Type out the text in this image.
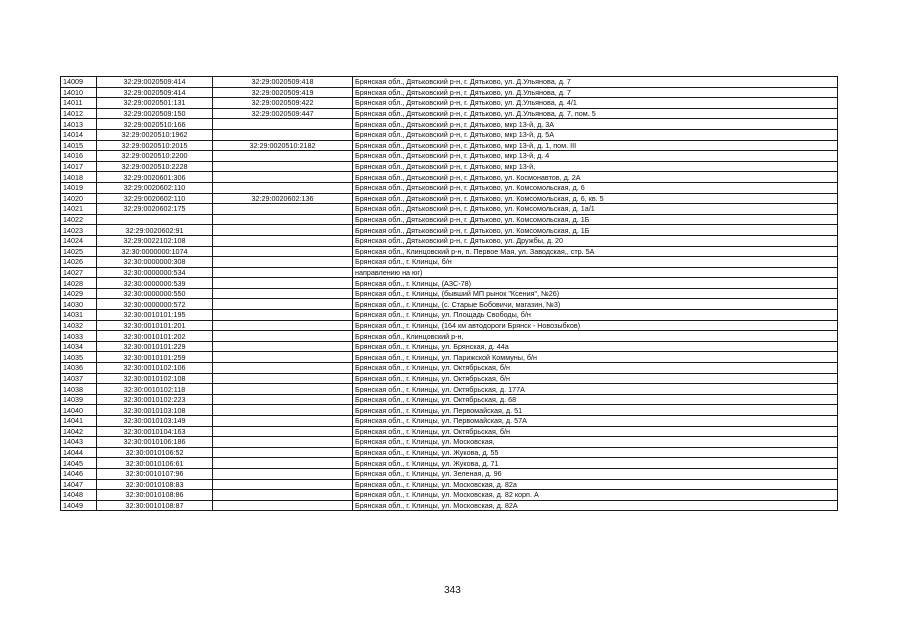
14009	32:29:0020509:414	32:29:0020509:418	Брянская обл., Дятьковский р-н, г. Дятьково, ул. Д.Ульянова, д. 7
14010	32:29:0020509:414	32:29:0020509:419	Брянская обл., Дятьковский р-н, г. Дятьково, ул. Д.Ульянова, д. 7
14011	32:29:0020501:131	32:29:0020509:422	Брянская обл., Дятьковский р-н, г. Дятьково, ул. Д.Ульянова, д. 4/1
14012	32:29:0020509:150	32:29:0020509:447	Брянская обл., Дятьковский р-н, г. Дятьково, ул. Д.Ульянова, д. 7, пом. 5
14013	32:29:0020510:166		Брянская обл., Дятьковский р-н, г. Дятьково, мкр 13-й, д. 3А
14014	32:29:0020510:1962		Брянская обл., Дятьковский р-н, г. Дятьково, мкр 13-й, д. 5А
14015	32:29:0020510:2015	32:29:0020510:2182	Брянская обл., Дятьковский р-н, г. Дятьково, мкр 13-й, д. 1, пом. III
14016	32:29:0020510:2200		Брянская обл., Дятьковский р-н, г. Дятьково, мкр 13-й, д. 4
14017	32:29:0020510:2228		Брянская обл., Дятьковский р-н, г. Дятьково, мкр 13-й,
14018	32:29:0020601:306		Брянская обл., Дятьковский р-н, г. Дятьково, ул. Космонавтов, д. 2А
14019	32:29:0020602:110		Брянская обл., Дятьковский р-н, г. Дятьково, ул. Комсомольская, д. 6
14020	32:29:0020602:110	32:29:0020602:136	Брянская обл., Дятьковский р-н, г. Дятьково, ул. Комсомольская, д. 6, кв. 5
14021	32:29:0020602:175		Брянская обл., Дятьковский р-н, г. Дятьково, ул. Комсомольская, д. 1а/1
14022			Брянская обл., Дятьковский р-н, г. Дятьково, ул. Комсомольская, д. 1Б
14023	32:29:0020602:91		Брянская обл., Дятьковский р-н, г. Дятьково, ул. Комсомольская, д. 1Б
14024	32:29:0022102:108		Брянская обл., Дятьковский р-н, г. Дятьково, ул. Дружбы, д. 20
14025	32:30:0000000:1074		Брянская обл., Клинцовский р-н, п. Первое Мая, ул. Заводская,, стр. 5А
14026	32:30:0000000:308		Брянская обл., г. Клинцы, б/н
14027	32:30:0000000:534		направлению на юг)
14028	32:30:0000000:539		Брянская обл., г. Клинцы, (АЗС-78)
14029	32:30:0000000:550		Брянская обл., г. Клинцы, (бывший МП рынок "Ксения", №26)
14030	32:30:0000000:572		Брянская обл., г. Клинцы, (с. Старые Бобовичи, магазин, №3)
14031	32:30:0010101:195		Брянская обл., г. Клинцы, ул. Площадь Свободы, б/н
14032	32:30:0010101:201		Брянская обл., г. Клинцы, (164 км автодороги Брянск - Новозыбков)
14033	32:30:0010101:202		Брянская обл., Клинцовский р-н,
14034	32:30:0010101:229		Брянская обл., г. Клинцы, ул. Брянская, д. 44а
14035	32:30:0010101:259		Брянская обл., г. Клинцы, ул. Парижской Коммуны, б/н
14036	32:30:0010102:106		Брянская обл., г. Клинцы, ул. Октябрьская, б/н
14037	32:30:0010102:108		Брянская обл., г. Клинцы, ул. Октябрьская, б/н
14038	32:30:0010102:118		Брянская обл., г. Клинцы, ул. Октябрьская, д. 177А
14039	32:30:0010102:223		Брянская обл., г. Клинцы, ул. Октябрьская, д. 68
14040	32:30:0010103:108		Брянская обл., г. Клинцы, ул. Первомайская, д. 51
14041	32:30:0010103:149		Брянская обл., г. Клинцы, ул. Первомайская, д. 57А
14042	32:30:0010104:163		Брянская обл., г. Клинцы, ул. Октябрьская, б/н
14043	32:30:0010106:186		Брянская обл., г. Клинцы, ул. Московская,
14044	32:30:0010106:52		Брянская обл., г. Клинцы, ул. Жукова, д. 55
14045	32:30:0010106:61		Брянская обл., г. Клинцы, ул. Жукова, д. 71
14046	32:30:0010107:96		Брянская обл., г. Клинцы, ул. Зеленая, д. 96
14047	32:30:0010108:83		Брянская обл., г. Клинцы, ул. Московская, д. 82а
14048	32:30:0010108:86		Брянская обл., г. Клинцы, ул. Московская, д. 82 корп. А
14049	32:30:0010108:87		Брянская обл., г. Клинцы, ул. Московская, д. 82А
343
